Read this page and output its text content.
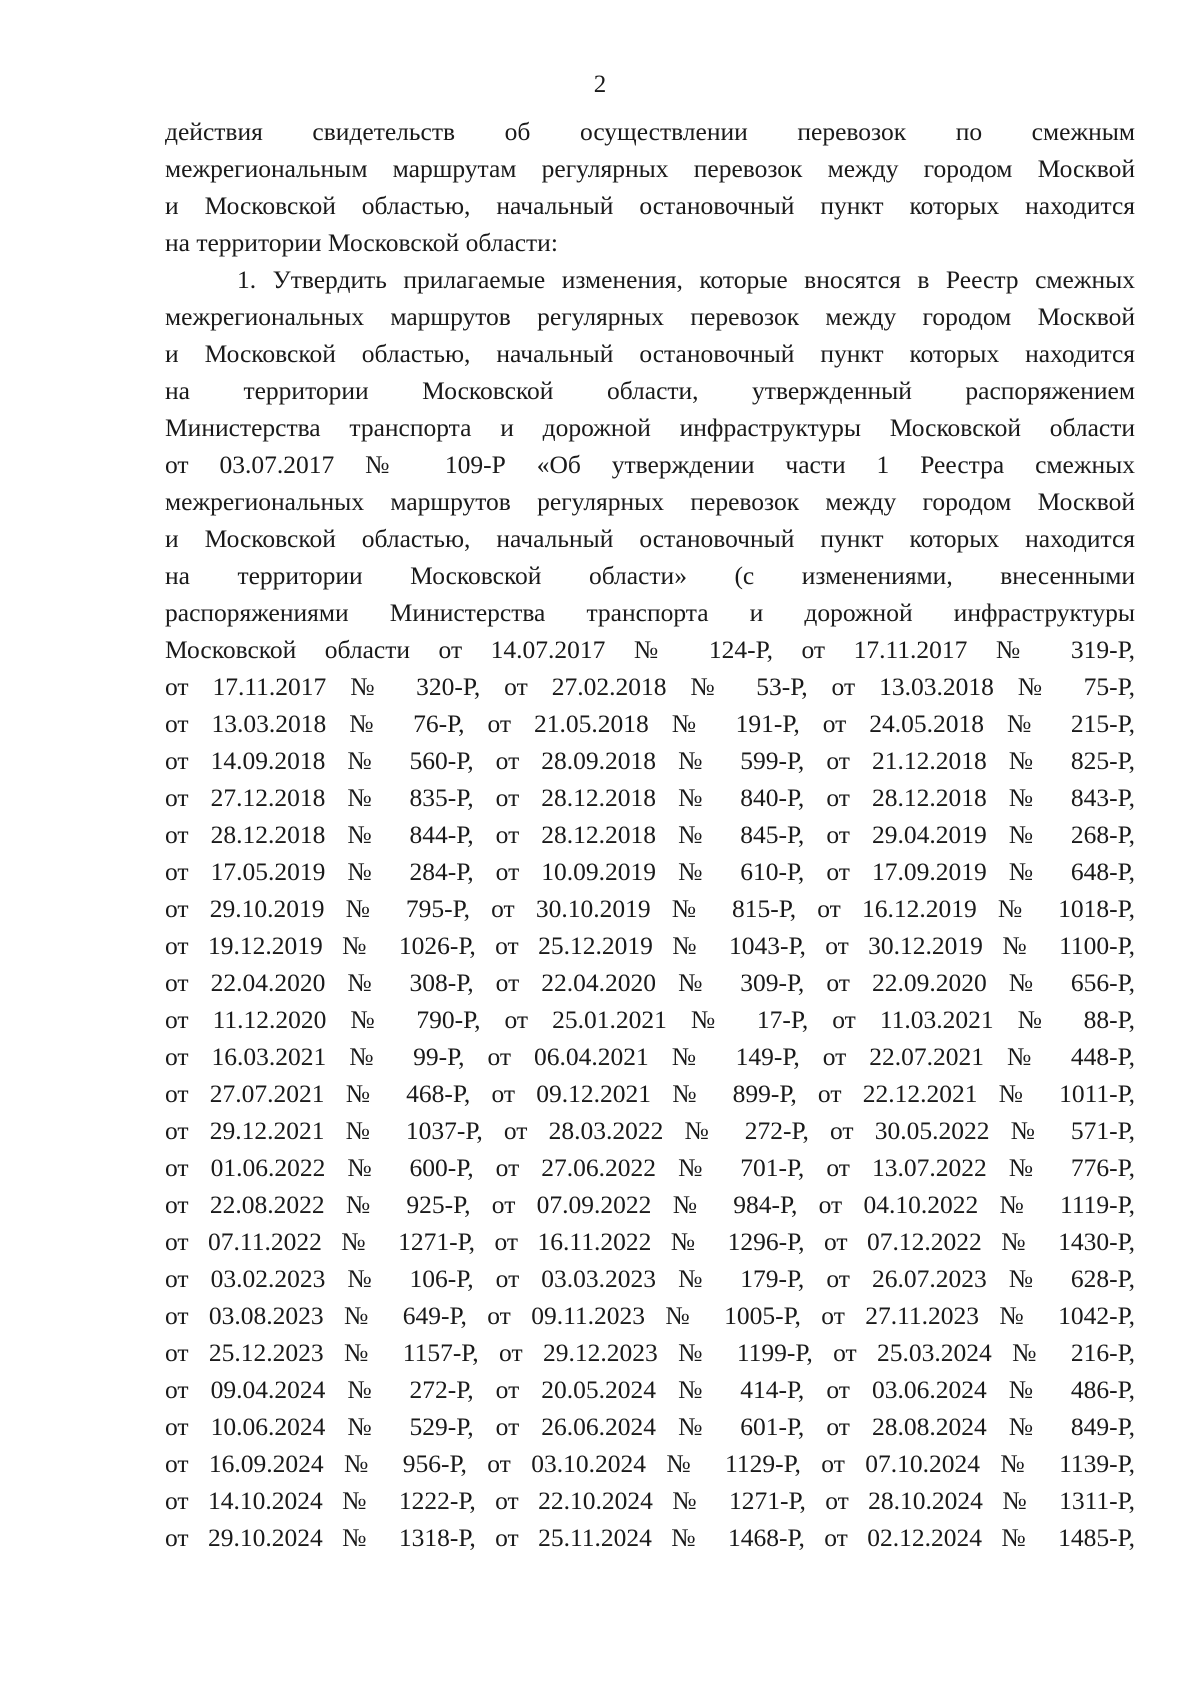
2
действия свидетельств об осуществлении перевозок по смежным
межрегиональным маршрутам регулярных перевозок между городом Москвой
и Московской областью, начальный остановочный пункт которых находится
на территории Московской области:
1. Утвердить прилагаемые изменения, которые вносятся в Реестр смежных
межрегиональных маршрутов регулярных перевозок между городом Москвой
и Московской областью, начальный остановочный пункт которых находится
на территории Московской области, утвержденный распоряжением
Министерства транспорта и дорожной инфраструктуры Московской области
от 03.07.2017 № 109-Р «Об утверждении части 1 Реестра смежных
межрегиональных маршрутов регулярных перевозок между городом Москвой
и Московской областью, начальный остановочный пункт которых находится
на территории Московской области» (с изменениями, внесенными
распоряжениями Министерства транспорта и дорожной инфраструктуры
Московской области от 14.07.2017 № 124-Р, от 17.11.2017 № 319-Р,
от 17.11.2017 № 320-Р, от 27.02.2018 № 53-Р, от 13.03.2018 № 75-Р,
от 13.03.2018 № 76-Р, от 21.05.2018 № 191-Р, от 24.05.2018 № 215-Р,
от 14.09.2018 № 560-Р, от 28.09.2018 № 599-Р, от 21.12.2018 № 825-Р,
от 27.12.2018 № 835-Р, от 28.12.2018 № 840-Р, от 28.12.2018 № 843-Р,
от 28.12.2018 № 844-Р, от 28.12.2018 № 845-Р, от 29.04.2019 № 268-Р,
от 17.05.2019 № 284-Р, от 10.09.2019 № 610-Р, от 17.09.2019 № 648-Р,
от 29.10.2019 № 795-Р, от 30.10.2019 № 815-Р, от 16.12.2019 № 1018-Р,
от 19.12.2019 № 1026-Р, от 25.12.2019 № 1043-Р, от 30.12.2019 № 1100-Р,
от 22.04.2020 № 308-Р, от 22.04.2020 № 309-Р, от 22.09.2020 № 656-Р,
от 11.12.2020 № 790-Р, от 25.01.2021 № 17-Р, от 11.03.2021 № 88-Р,
от 16.03.2021 № 99-Р, от 06.04.2021 № 149-Р, от 22.07.2021 № 448-Р,
от 27.07.2021 № 468-Р, от 09.12.2021 № 899-Р, от 22.12.2021 № 1011-Р,
от 29.12.2021 № 1037-Р, от 28.03.2022 № 272-Р, от 30.05.2022 № 571-Р,
от 01.06.2022 № 600-Р, от 27.06.2022 № 701-Р, от 13.07.2022 № 776-Р,
от 22.08.2022 № 925-Р, от 07.09.2022 № 984-Р, от 04.10.2022 № 1119-Р,
от 07.11.2022 № 1271-Р, от 16.11.2022 № 1296-Р, от 07.12.2022 № 1430-Р,
от 03.02.2023 № 106-Р, от 03.03.2023 № 179-Р, от 26.07.2023 № 628-Р,
от 03.08.2023 № 649-Р, от 09.11.2023 № 1005-Р, от 27.11.2023 № 1042-Р,
от 25.12.2023 № 1157-Р, от 29.12.2023 № 1199-Р, от 25.03.2024 № 216-Р,
от 09.04.2024 № 272-Р, от 20.05.2024 № 414-Р, от 03.06.2024 № 486-Р,
от 10.06.2024 № 529-Р, от 26.06.2024 № 601-Р, от 28.08.2024 № 849-Р,
от 16.09.2024 № 956-Р, от 03.10.2024 № 1129-Р, от 07.10.2024 № 1139-Р,
от 14.10.2024 № 1222-Р, от 22.10.2024 № 1271-Р, от 28.10.2024 № 1311-Р,
от 29.10.2024 № 1318-Р, от 25.11.2024 № 1468-Р, от 02.12.2024 № 1485-Р,
